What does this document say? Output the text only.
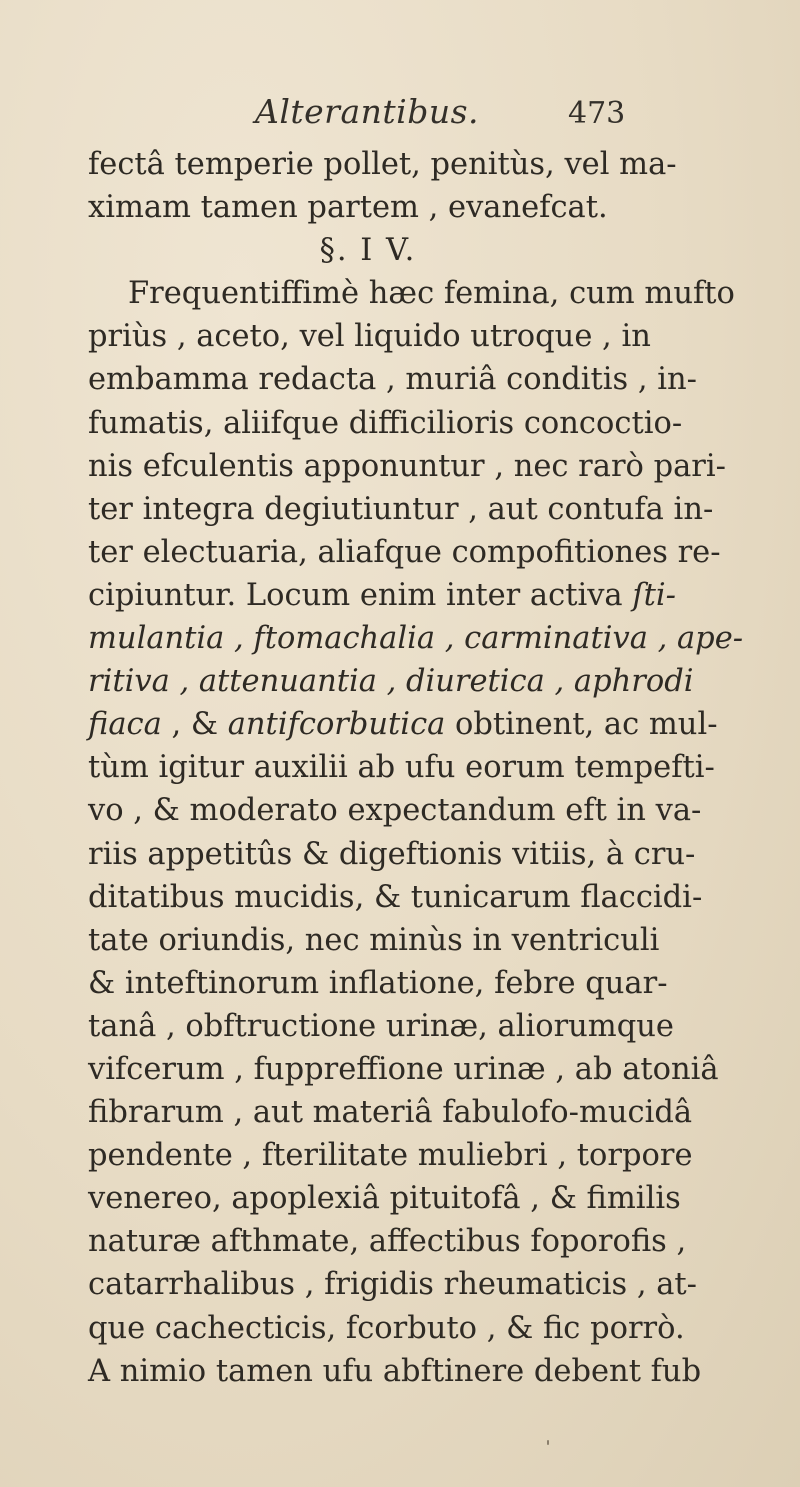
Alterantibus.	473
fectâ temperie pollet, penitùs, vel ma-
ximam tamen partem , evanefcat.
§. I V.
Frequentiffimè hæc femina, cum mufto
priùs , aceto, vel liquido utroque , in
embamma redacta , muriâ conditis , in-
fumatis, aliifque difficilioris concoctio-
nis efculentis apponuntur , nec rarò pari-
ter integra degiutiuntur , aut contufa in-
ter electuaria, aliafque compofitiones re-
cipiuntur. Locum enim inter activa ſti-
mulantia , ftomachalia , carminativa , ape-
ritiva , attenuantia , diuretica , aphrodi
fiaca , & antifcorbutica obtinent, ac mul-
tùm igitur auxilii ab ufu eorum tempefti-
vo , & moderato expectandum eft in va-
riis appetitûs & digeftionis vitiis, à cru-
ditatibus mucidis, & tunicarum flaccidi-
tate oriundis, nec minùs in ventriculi
& inteftinorum inflatione, febre quar-
tanâ , obftructione urinæ, aliorumque
vifcerum , fuppreffione urinæ , ab atoniâ
fibrarum , aut materiâ fabulofo-mucidâ
pendente , fterilitate muliebri , torpore
venereo, apoplexiâ pituitofâ , & fimilis
naturæ afthmate, affectibus foporofis ,
catarrhalibus , frigidis rheumaticis , at-
que cachecticis, fcorbuto , & fic porrò.
A nimio tamen ufu abftinere debent fub
